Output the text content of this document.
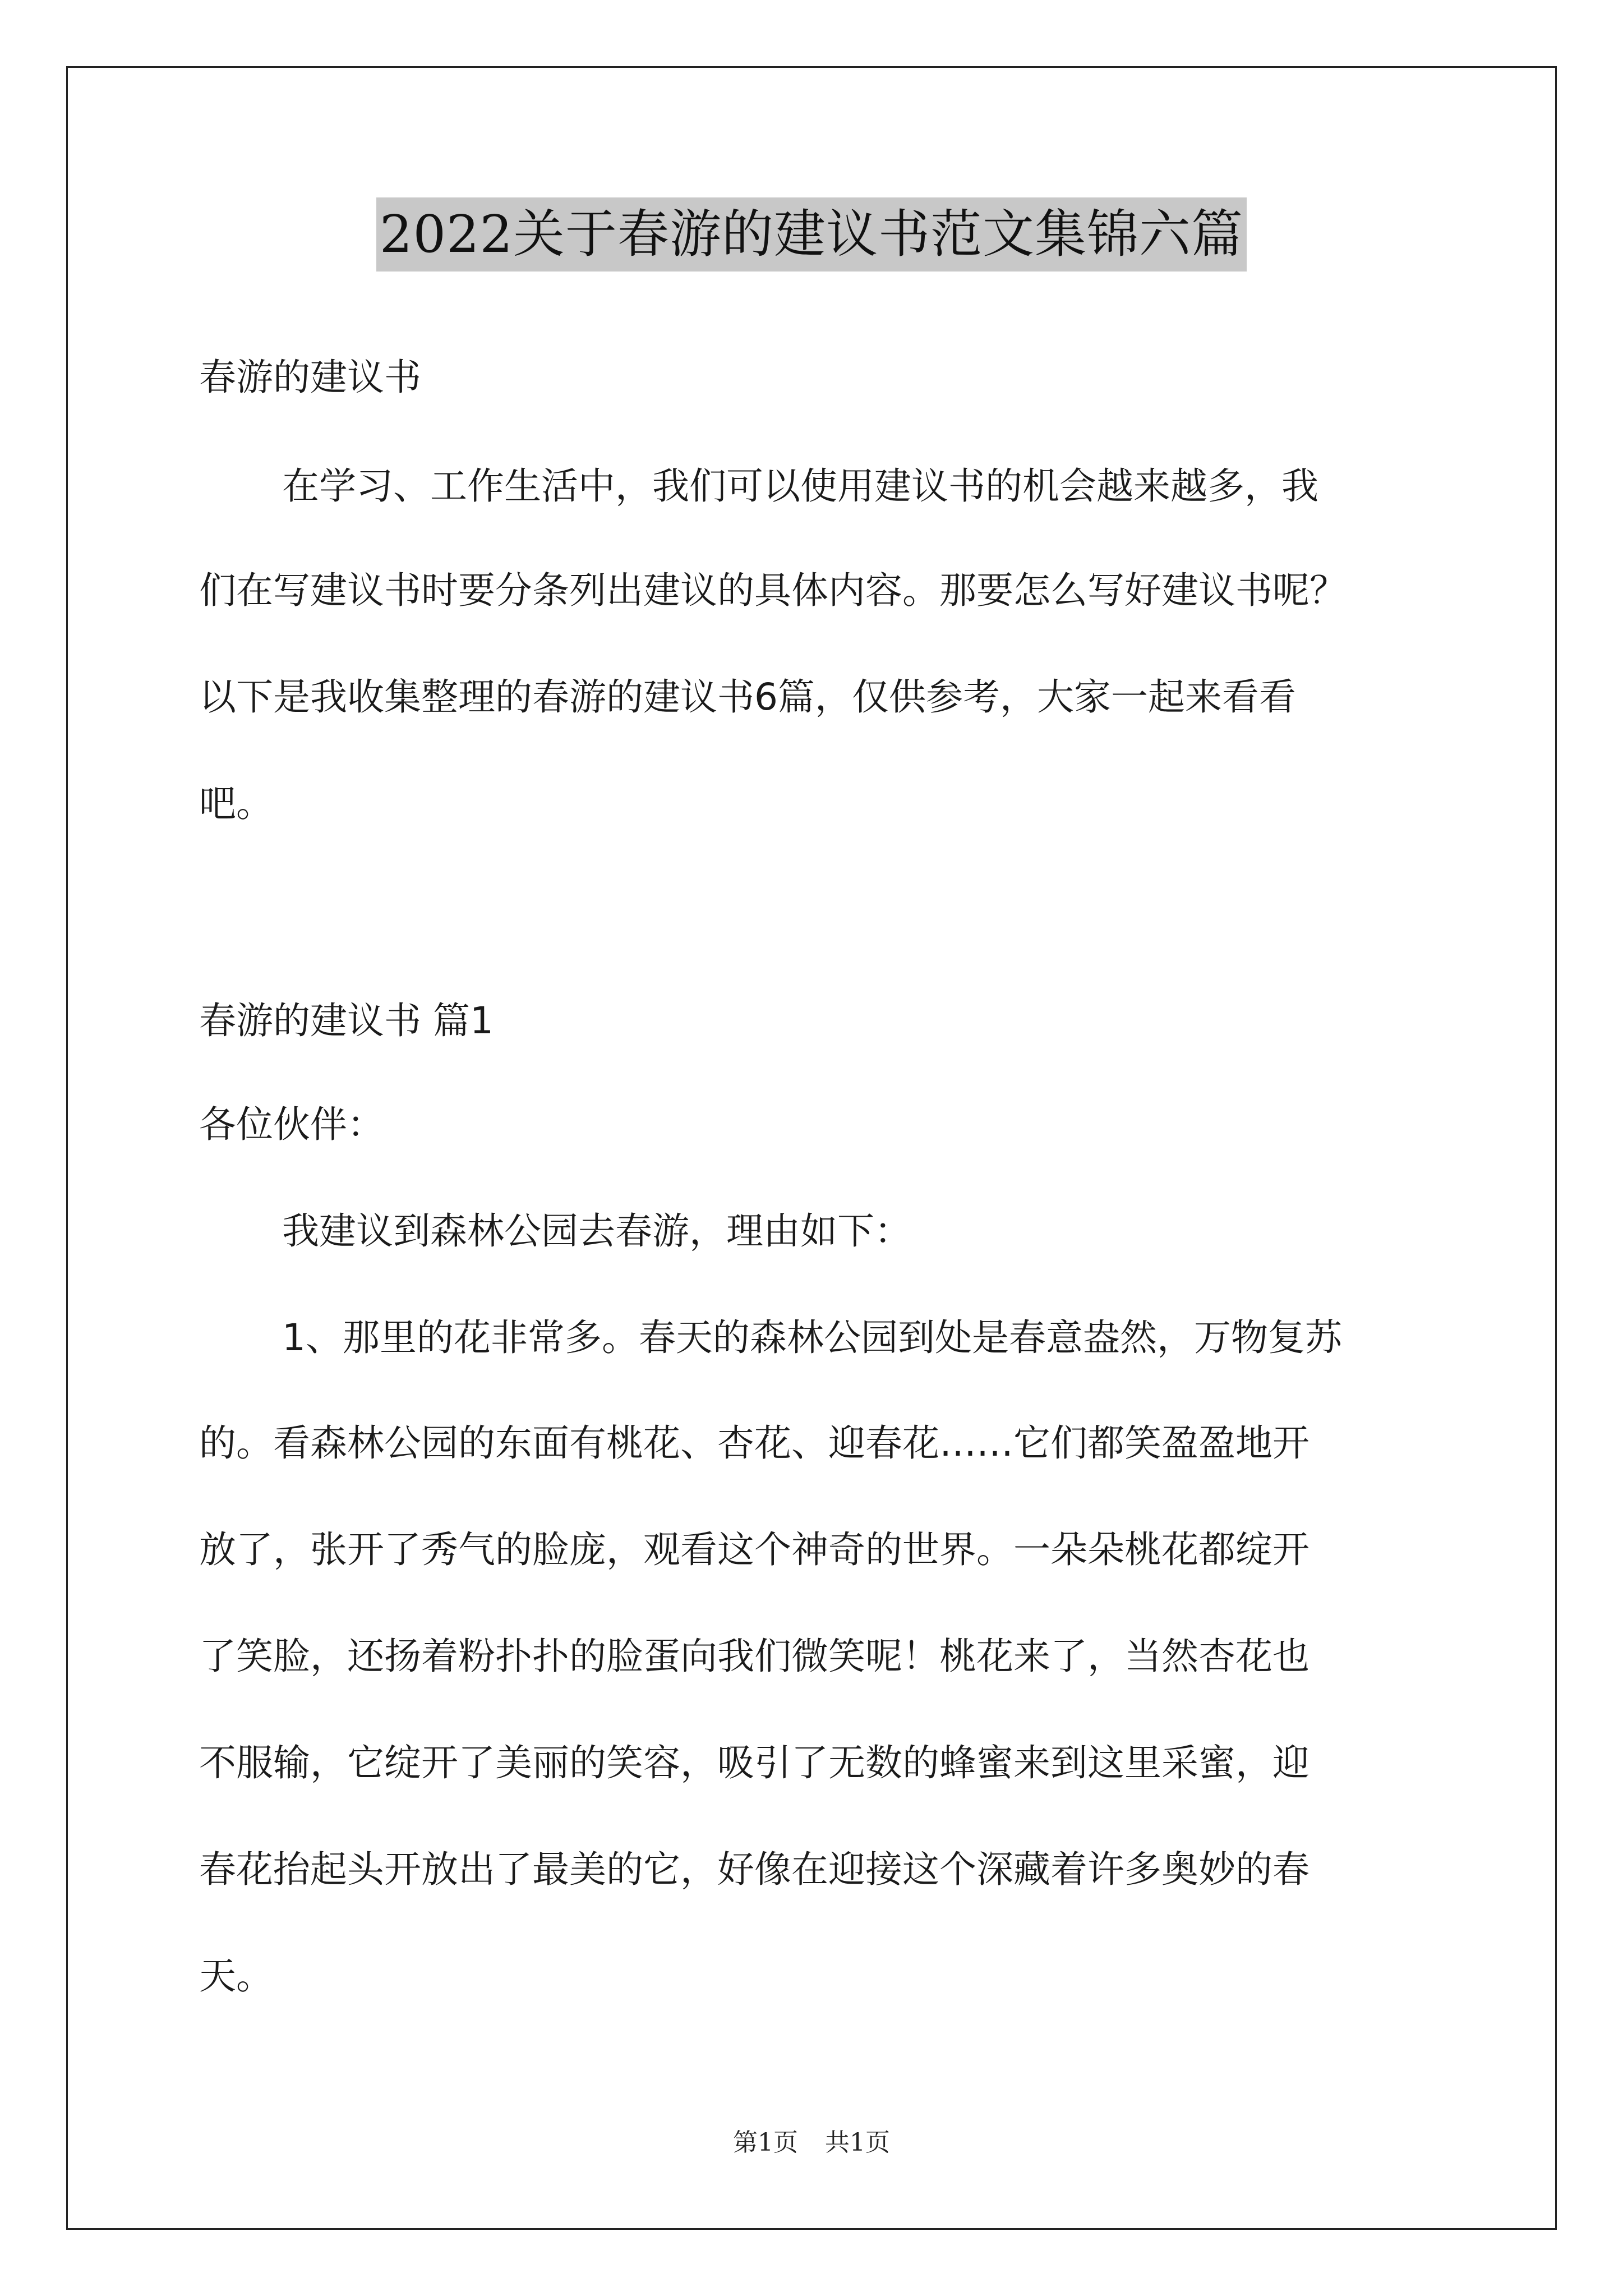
2022关于春游的建议书范文集锦六篇
春游的建议书
在学习、工作生活中，我们可以使用建议书的机会越来越多，我
们在写建议书时要分条列出建议的具体内容。那要怎么写好建议书呢？
以下是我收集整理的春游的建议书6篇，仅供参考，大家一起来看看
吧。
春游的建议书 篇1
各位伙伴：
我建议到森林公园去春游，理由如下：
1、那里的花非常多。春天的森林公园到处是春意盎然，万物复苏
的。看森林公园的东面有桃花、杏花、迎春花……它们都笑盈盈地开
放了，张开了秀气的脸庞，观看这个神奇的世界。一朵朵桃花都绽开
了笑脸，还扬着粉扑扑的脸蛋向我们微笑呢！桃花来了，当然杏花也
不服输，它绽开了美丽的笑容，吸引了无数的蜂蜜来到这里采蜜，迎
春花抬起头开放出了最美的它，好像在迎接这个深藏着许多奥妙的春
天。
第1页 共1页
